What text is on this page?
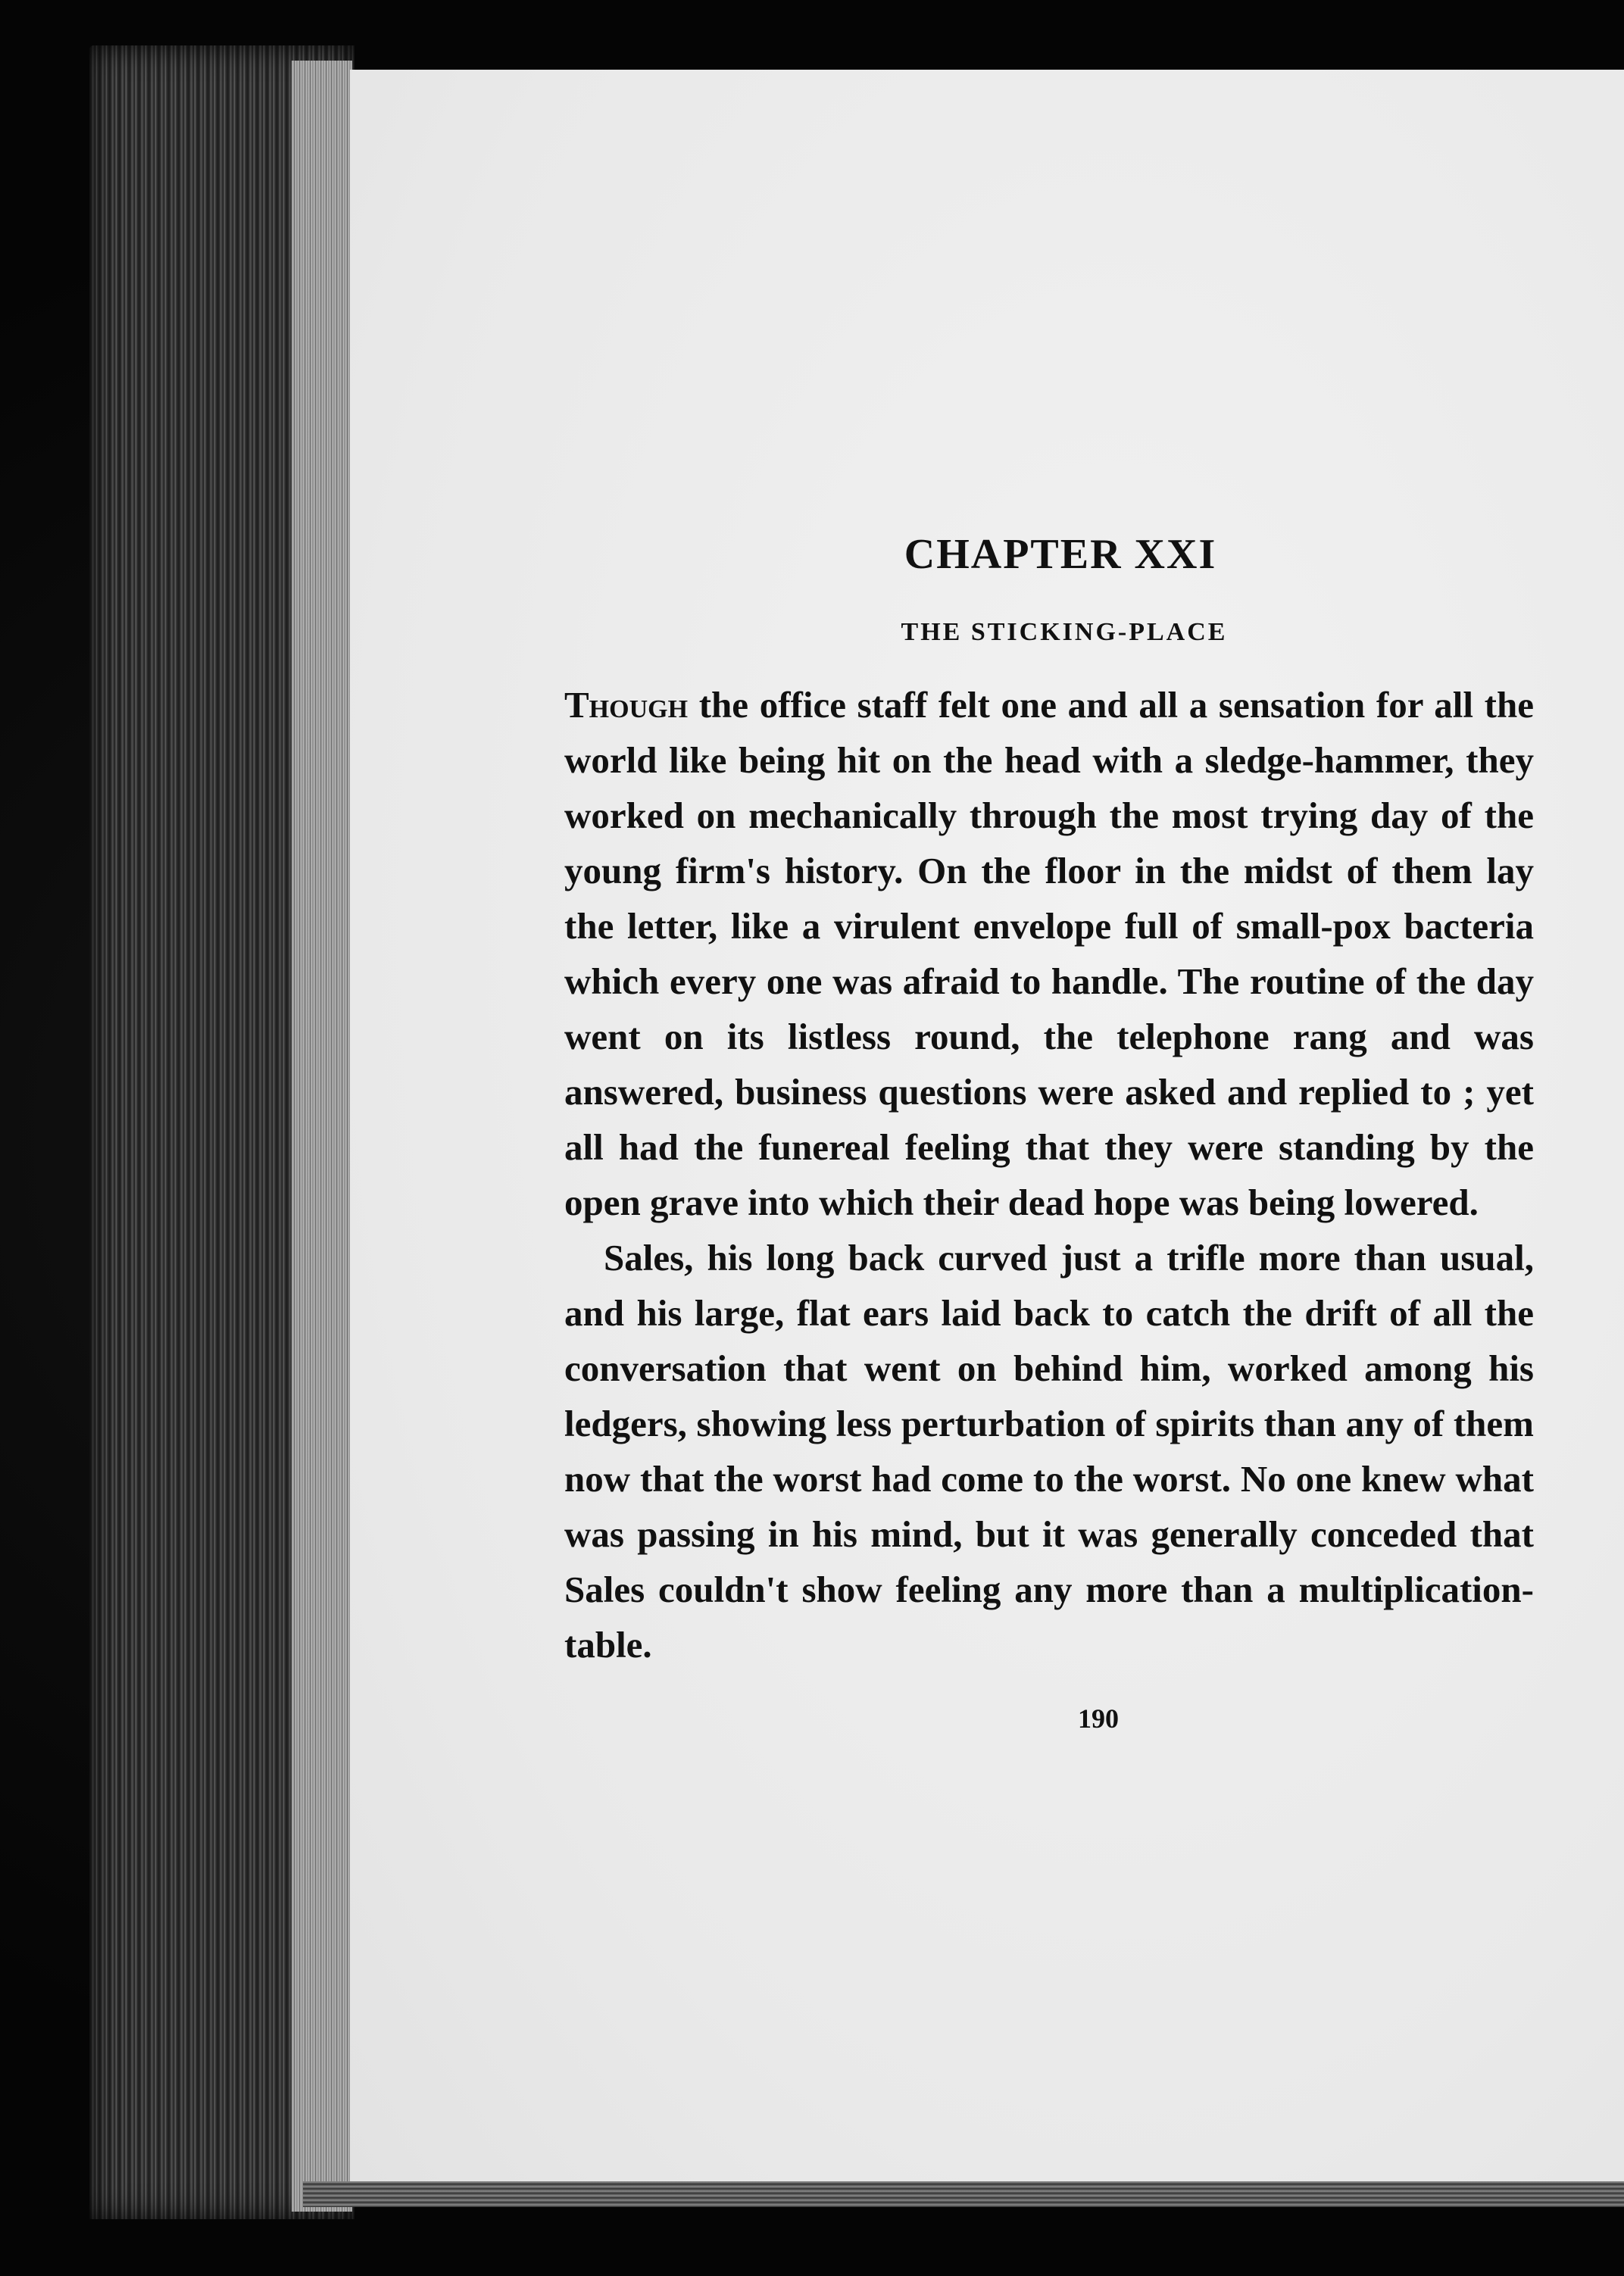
CHAPTER XXI
THE STICKING-PLACE

Though the office staff felt one and all a sensation for all the world like being hit on the head with a sledge-hammer, they worked on mechanically through the most trying day of the young firm's history. On the floor in the midst of them lay the letter, like a virulent envelope full of small-pox bacteria which every one was afraid to handle. The routine of the day went on its listless round, the telephone rang and was answered, business questions were asked and replied to ; yet all had the funereal feeling that they were standing by the open grave into which their dead hope was being lowered.

Sales, his long back curved just a trifle more than usual, and his large, flat ears laid back to catch the drift of all the conversation that went on behind him, worked among his ledgers, showing less perturbation of spirits than any of them now that the worst had come to the worst. No one knew what was passing in his mind, but it was generally conceded that Sales couldn't show feeling any more than a multiplication-table.

190
